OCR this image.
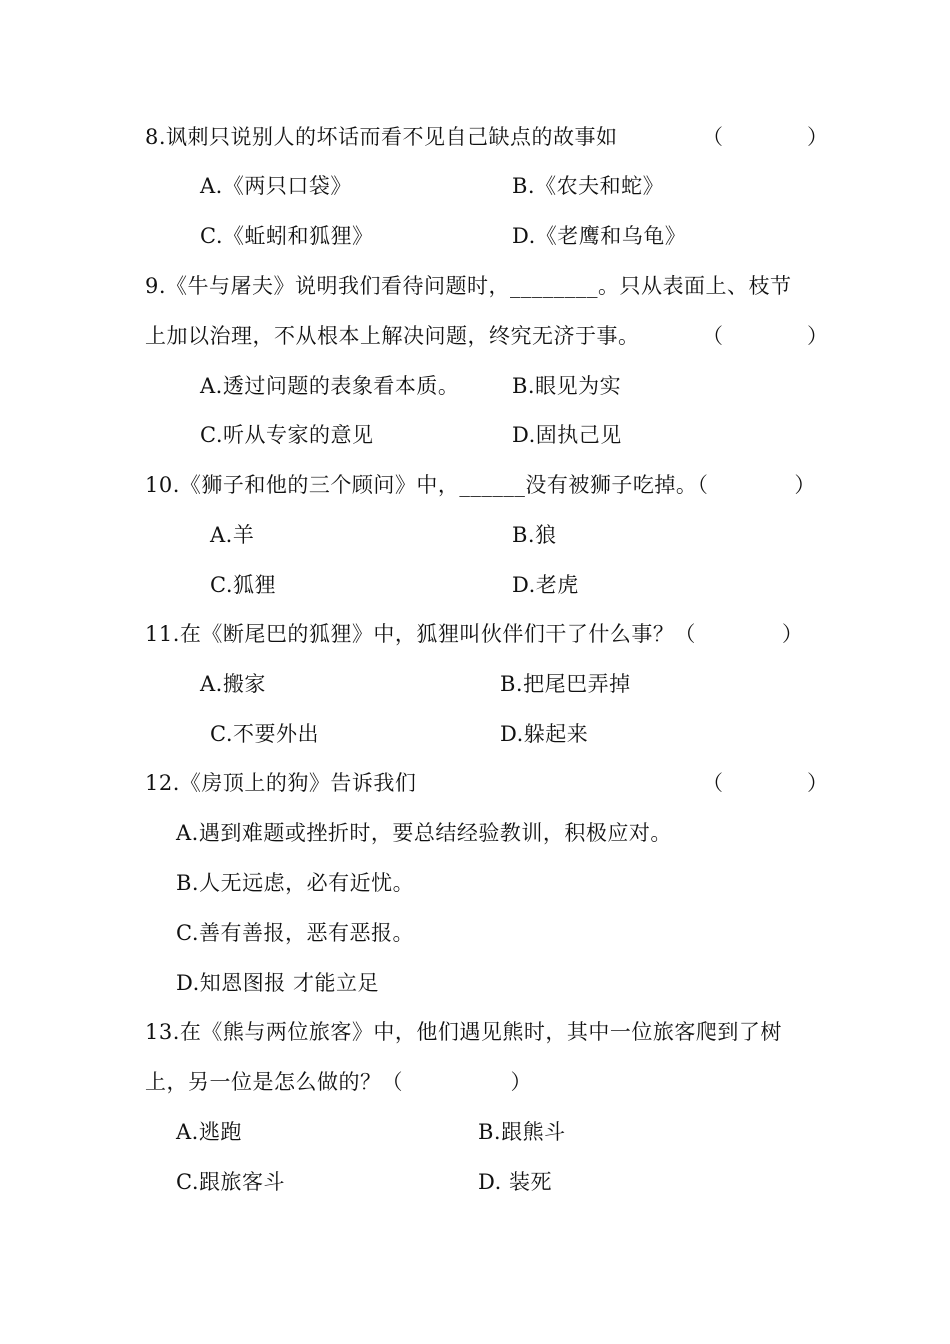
8.讽刺只说别人的坏话而看不见自己缺点的故事如	（　　　　）
A.《两只口袋》	B.《农夫和蛇》
C.《蚯蚓和狐狸》	D.《老鹰和乌龟》
9.《牛与屠夫》说明我们看待问题时，________。只从表面上、枝节
上加以治理，不从根本上解决问题，终究无济于事。	（　　　　）
A.透过问题的表象看本质。	B.眼见为实
C.听从专家的意见	D.固执己见
10.《狮子和他的三个顾问》中，______没有被狮子吃掉。（　　　　）
A.羊	B.狼
C.狐狸	D.老虎
11.在《断尾巴的狐狸》中，狐狸叫伙伴们干了什么事？（　　　　）
A.搬家	B.把尾巴弄掉
C.不要外出	D.躲起来
12.《房顶上的狗》告诉我们	（　　　　）
A.遇到难题或挫折时，要总结经验教训，积极应对。
B.人无远虑，必有近忧。
C.善有善报，恶有恶报。
D.知恩图报 才能立足
13.在《熊与两位旅客》中，他们遇见熊时，其中一位旅客爬到了树
上，另一位是怎么做的？（　　　　　）
A.逃跑	B.跟熊斗
C.跟旅客斗	D. 装死
